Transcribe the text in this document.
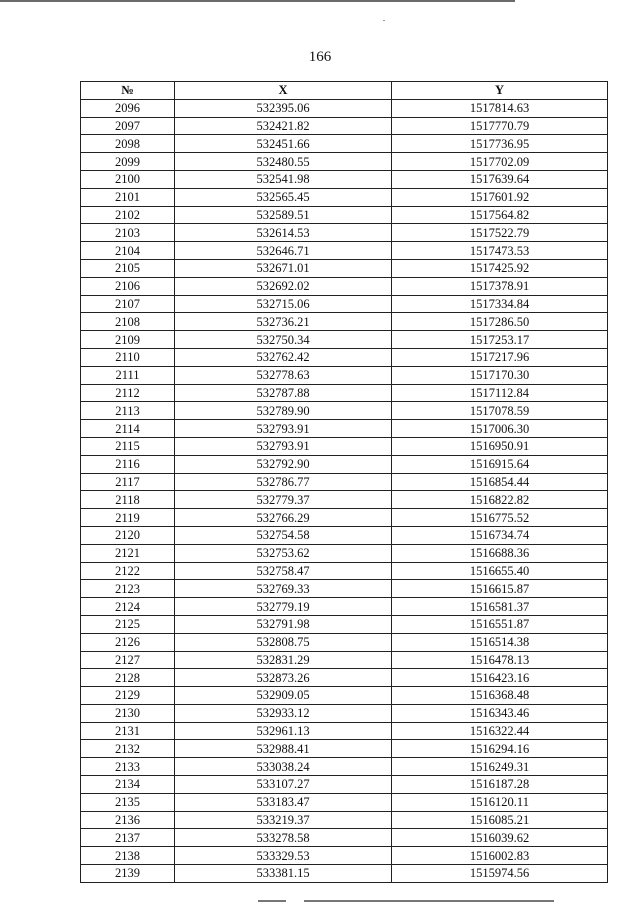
166
№	X	Y
2096	532395.06	1517814.63
2097	532421.82	1517770.79
2098	532451.66	1517736.95
2099	532480.55	1517702.09
2100	532541.98	1517639.64
2101	532565.45	1517601.92
2102	532589.51	1517564.82
2103	532614.53	1517522.79
2104	532646.71	1517473.53
2105	532671.01	1517425.92
2106	532692.02	1517378.91
2107	532715.06	1517334.84
2108	532736.21	1517286.50
2109	532750.34	1517253.17
2110	532762.42	1517217.96
2111	532778.63	1517170.30
2112	532787.88	1517112.84
2113	532789.90	1517078.59
2114	532793.91	1517006.30
2115	532793.91	1516950.91
2116	532792.90	1516915.64
2117	532786.77	1516854.44
2118	532779.37	1516822.82
2119	532766.29	1516775.52
2120	532754.58	1516734.74
2121	532753.62	1516688.36
2122	532758.47	1516655.40
2123	532769.33	1516615.87
2124	532779.19	1516581.37
2125	532791.98	1516551.87
2126	532808.75	1516514.38
2127	532831.29	1516478.13
2128	532873.26	1516423.16
2129	532909.05	1516368.48
2130	532933.12	1516343.46
2131	532961.13	1516322.44
2132	532988.41	1516294.16
2133	533038.24	1516249.31
2134	533107.27	1516187.28
2135	533183.47	1516120.11
2136	533219.37	1516085.21
2137	533278.58	1516039.62
2138	533329.53	1516002.83
2139	533381.15	1515974.56
